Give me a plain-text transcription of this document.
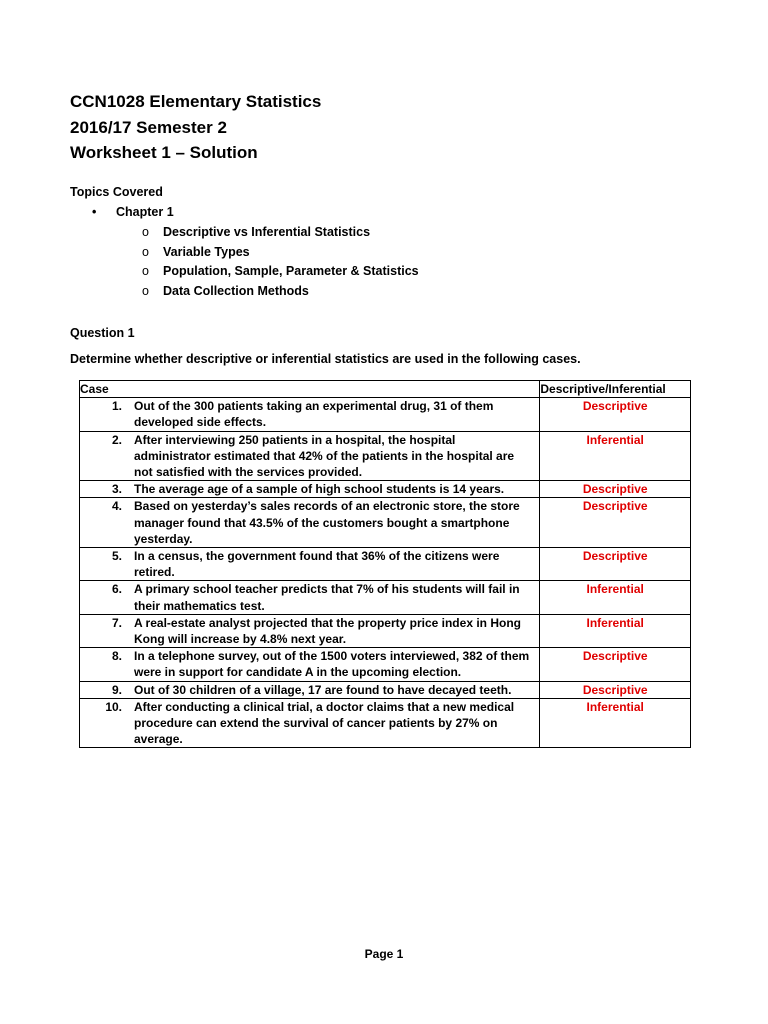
CCN1028 Elementary Statistics
2016/17 Semester 2
Worksheet 1 – Solution
Topics Covered
• Chapter 1
o Descriptive vs Inferential Statistics
o Variable Types
o Population, Sample, Parameter & Statistics
o Data Collection Methods
Question 1
Determine whether descriptive or inferential statistics are used in the following cases.
Case	Descriptive/Inferential

1. Out of the 300 patients taking an experimental drug, 31 of them developed side effects.	Descriptive

2. After interviewing 250 patients in a hospital, the hospital administrator estimated that 42% of the patients in the hospital are not satisfied with the services provided.	Inferential

3. The average age of a sample of high school students is 14 years.	Descriptive

4. Based on yesterday’s sales records of an electronic store, the store manager found that 43.5% of the customers bought a smartphone yesterday.	Descriptive

5. In a census, the government found that 36% of the citizens were retired.	Descriptive

6. A primary school teacher predicts that 7% of his students will fail in their mathematics test.	Inferential

7. A real-estate analyst projected that the property price index in Hong Kong will increase by 4.8% next year.	Inferential

8. In a telephone survey, out of the 1500 voters interviewed, 382 of them were in support for candidate A in the upcoming election.	Descriptive

9. Out of 30 children of a village, 17 are found to have decayed teeth.	Descriptive

10. After conducting a clinical trial, a doctor claims that a new medical procedure can extend the survival of cancer patients by 27% on average.	Inferential
Page 1
